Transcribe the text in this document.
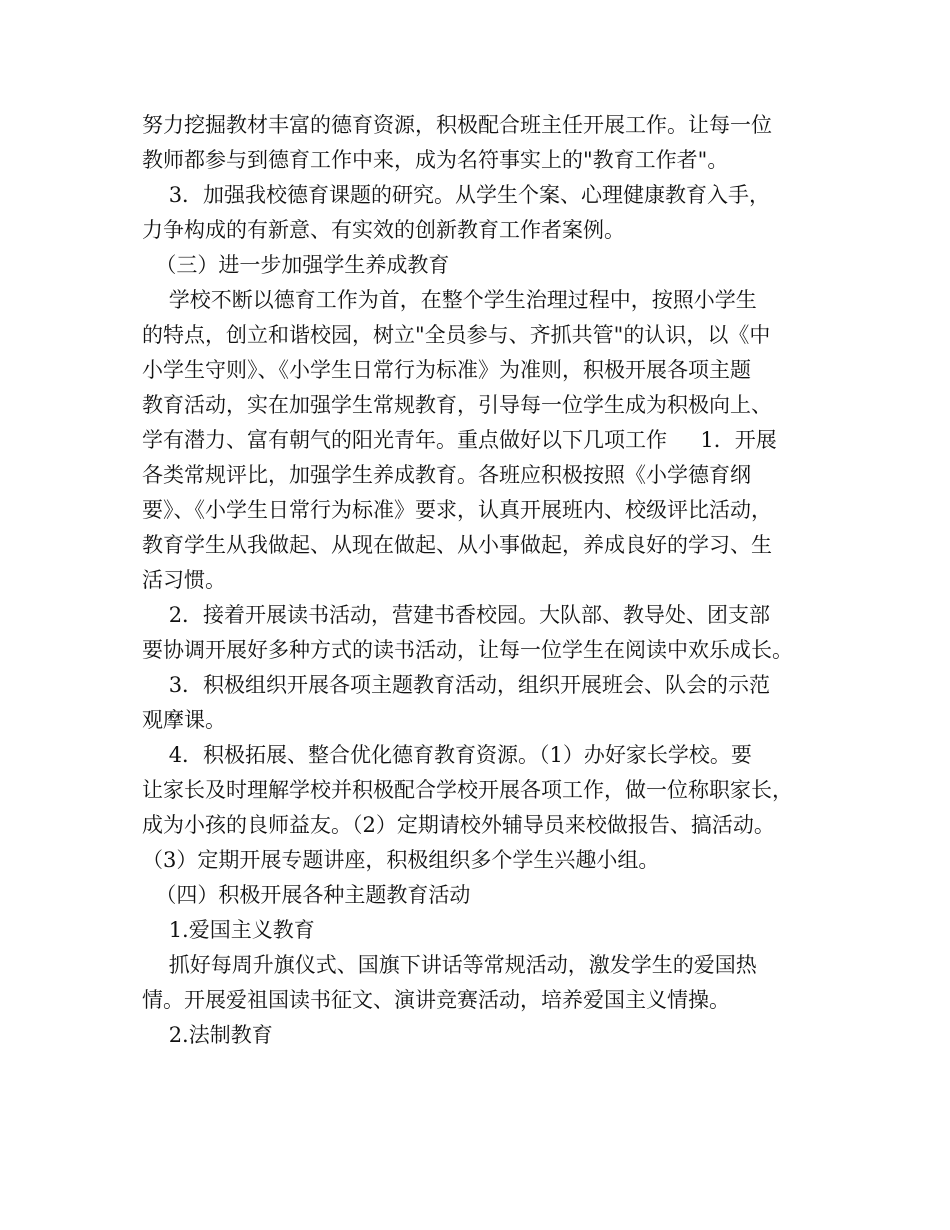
努力挖掘教材丰富的德育资源，积极配合班主任开展工作。让每一位
教师都参与到德育工作中来，成为名符事实上的"教育工作者"。
3．加强我校德育课题的研究。从学生个案、心理健康教育入手，
力争构成的有新意、有实效的创新教育工作者案例。
（三）进一步加强学生养成教育
学校不断以德育工作为首，在整个学生治理过程中，按照小学生
的特点，创立和谐校园，树立"全员参与、齐抓共管"的认识，以《中
小学生守则》、《小学生日常行为标准》为准则，积极开展各项主题
教育活动，实在加强学生常规教育，引导每一位学生成为积极向上、
学有潜力、富有朝气的阳光青年。重点做好以下几项工作     1．开展
各类常规评比，加强学生养成教育。各班应积极按照《小学德育纲
要》、《小学生日常行为标准》要求，认真开展班内、校级评比活动，
教育学生从我做起、从现在做起、从小事做起，养成良好的学习、生
活习惯。
2．接着开展读书活动，营建书香校园。大队部、教导处、团支部
要协调开展好多种方式的读书活动，让每一位学生在阅读中欢乐成长。
3．积极组织开展各项主题教育活动，组织开展班会、队会的示范
观摩课。
4．积极拓展、整合优化德育教育资源。（1）办好家长学校。要
让家长及时理解学校并积极配合学校开展各项工作，做一位称职家长，
成为小孩的良师益友。（2）定期请校外辅导员来校做报告、搞活动。
（3）定期开展专题讲座，积极组织多个学生兴趣小组。
（四）积极开展各种主题教育活动
1.爱国主义教育
抓好每周升旗仪式、国旗下讲话等常规活动，激发学生的爱国热
情。开展爱祖国读书征文、演讲竞赛活动，培养爱国主义情操。
2.法制教育
